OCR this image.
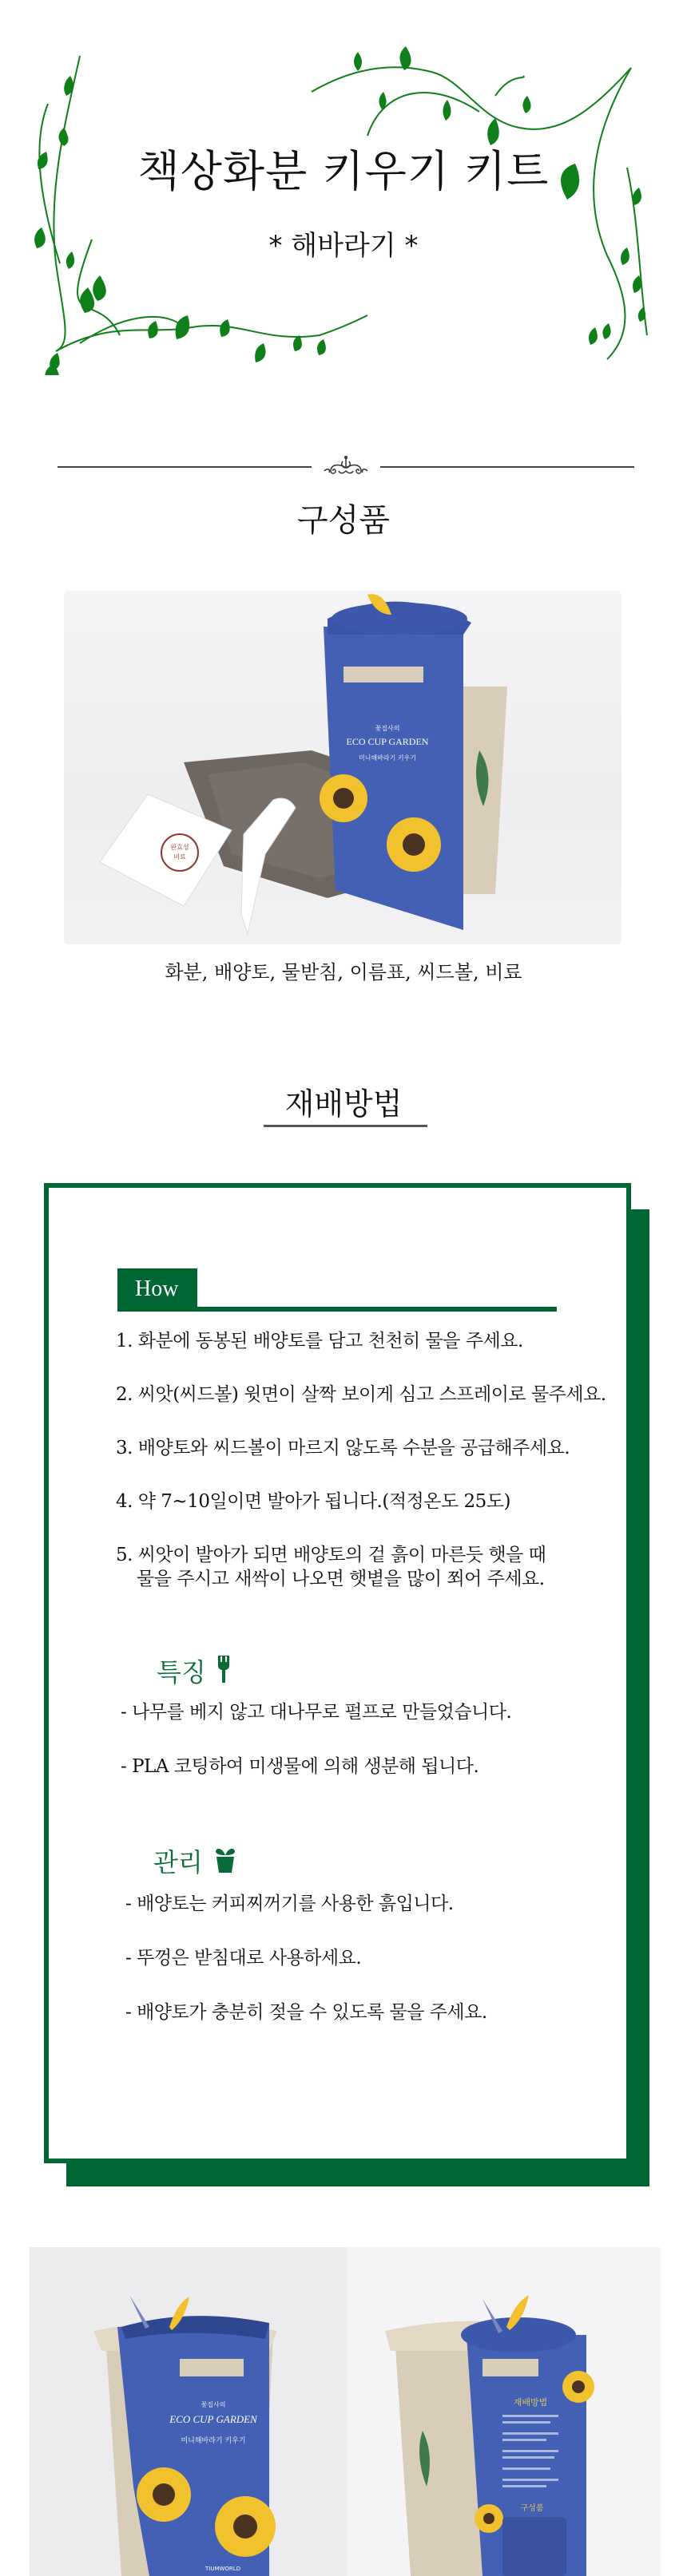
책상화분 키우기 키트
* 해바라기 *
구성품
완효성
비료
꽃집사의
ECO CUP GARDEN
미니해바라기 키우기
화분, 배양토, 물받침, 이름표, 씨드볼, 비료
재배방법
How
1. 화분에 동봉된 배양토를 담고 천천히 물을 주세요.
2. 씨앗(씨드볼) 윗면이 살짝 보이게 심고 스프레이로 물주세요.
3. 배양토와 씨드볼이 마르지 않도록 수분을 공급해주세요.
4. 약 7~10일이면 발아가 됩니다.(적정온도 25도)
5. 씨앗이 발아가 되면 배양토의 겉 흙이 마른듯 햇을 때
물을 주시고 새싹이 나오면 햇볕을 많이 쬐어 주세요.
특징
- 나무를 베지 않고 대나무로 펄프로 만들었습니다.
- PLA 코팅하여 미생물에 의해 생분해 됩니다.
관리
- 배양토는 커피찌꺼기를 사용한 흙입니다.
- 뚜껑은 받침대로 사용하세요.
- 배양토가 충분히 젖을 수 있도록 물을 주세요.
꽃집사의
ECO CUP GARDEN
미니해바라기 키우기
TIUMWORLD
재배방법
구성품
